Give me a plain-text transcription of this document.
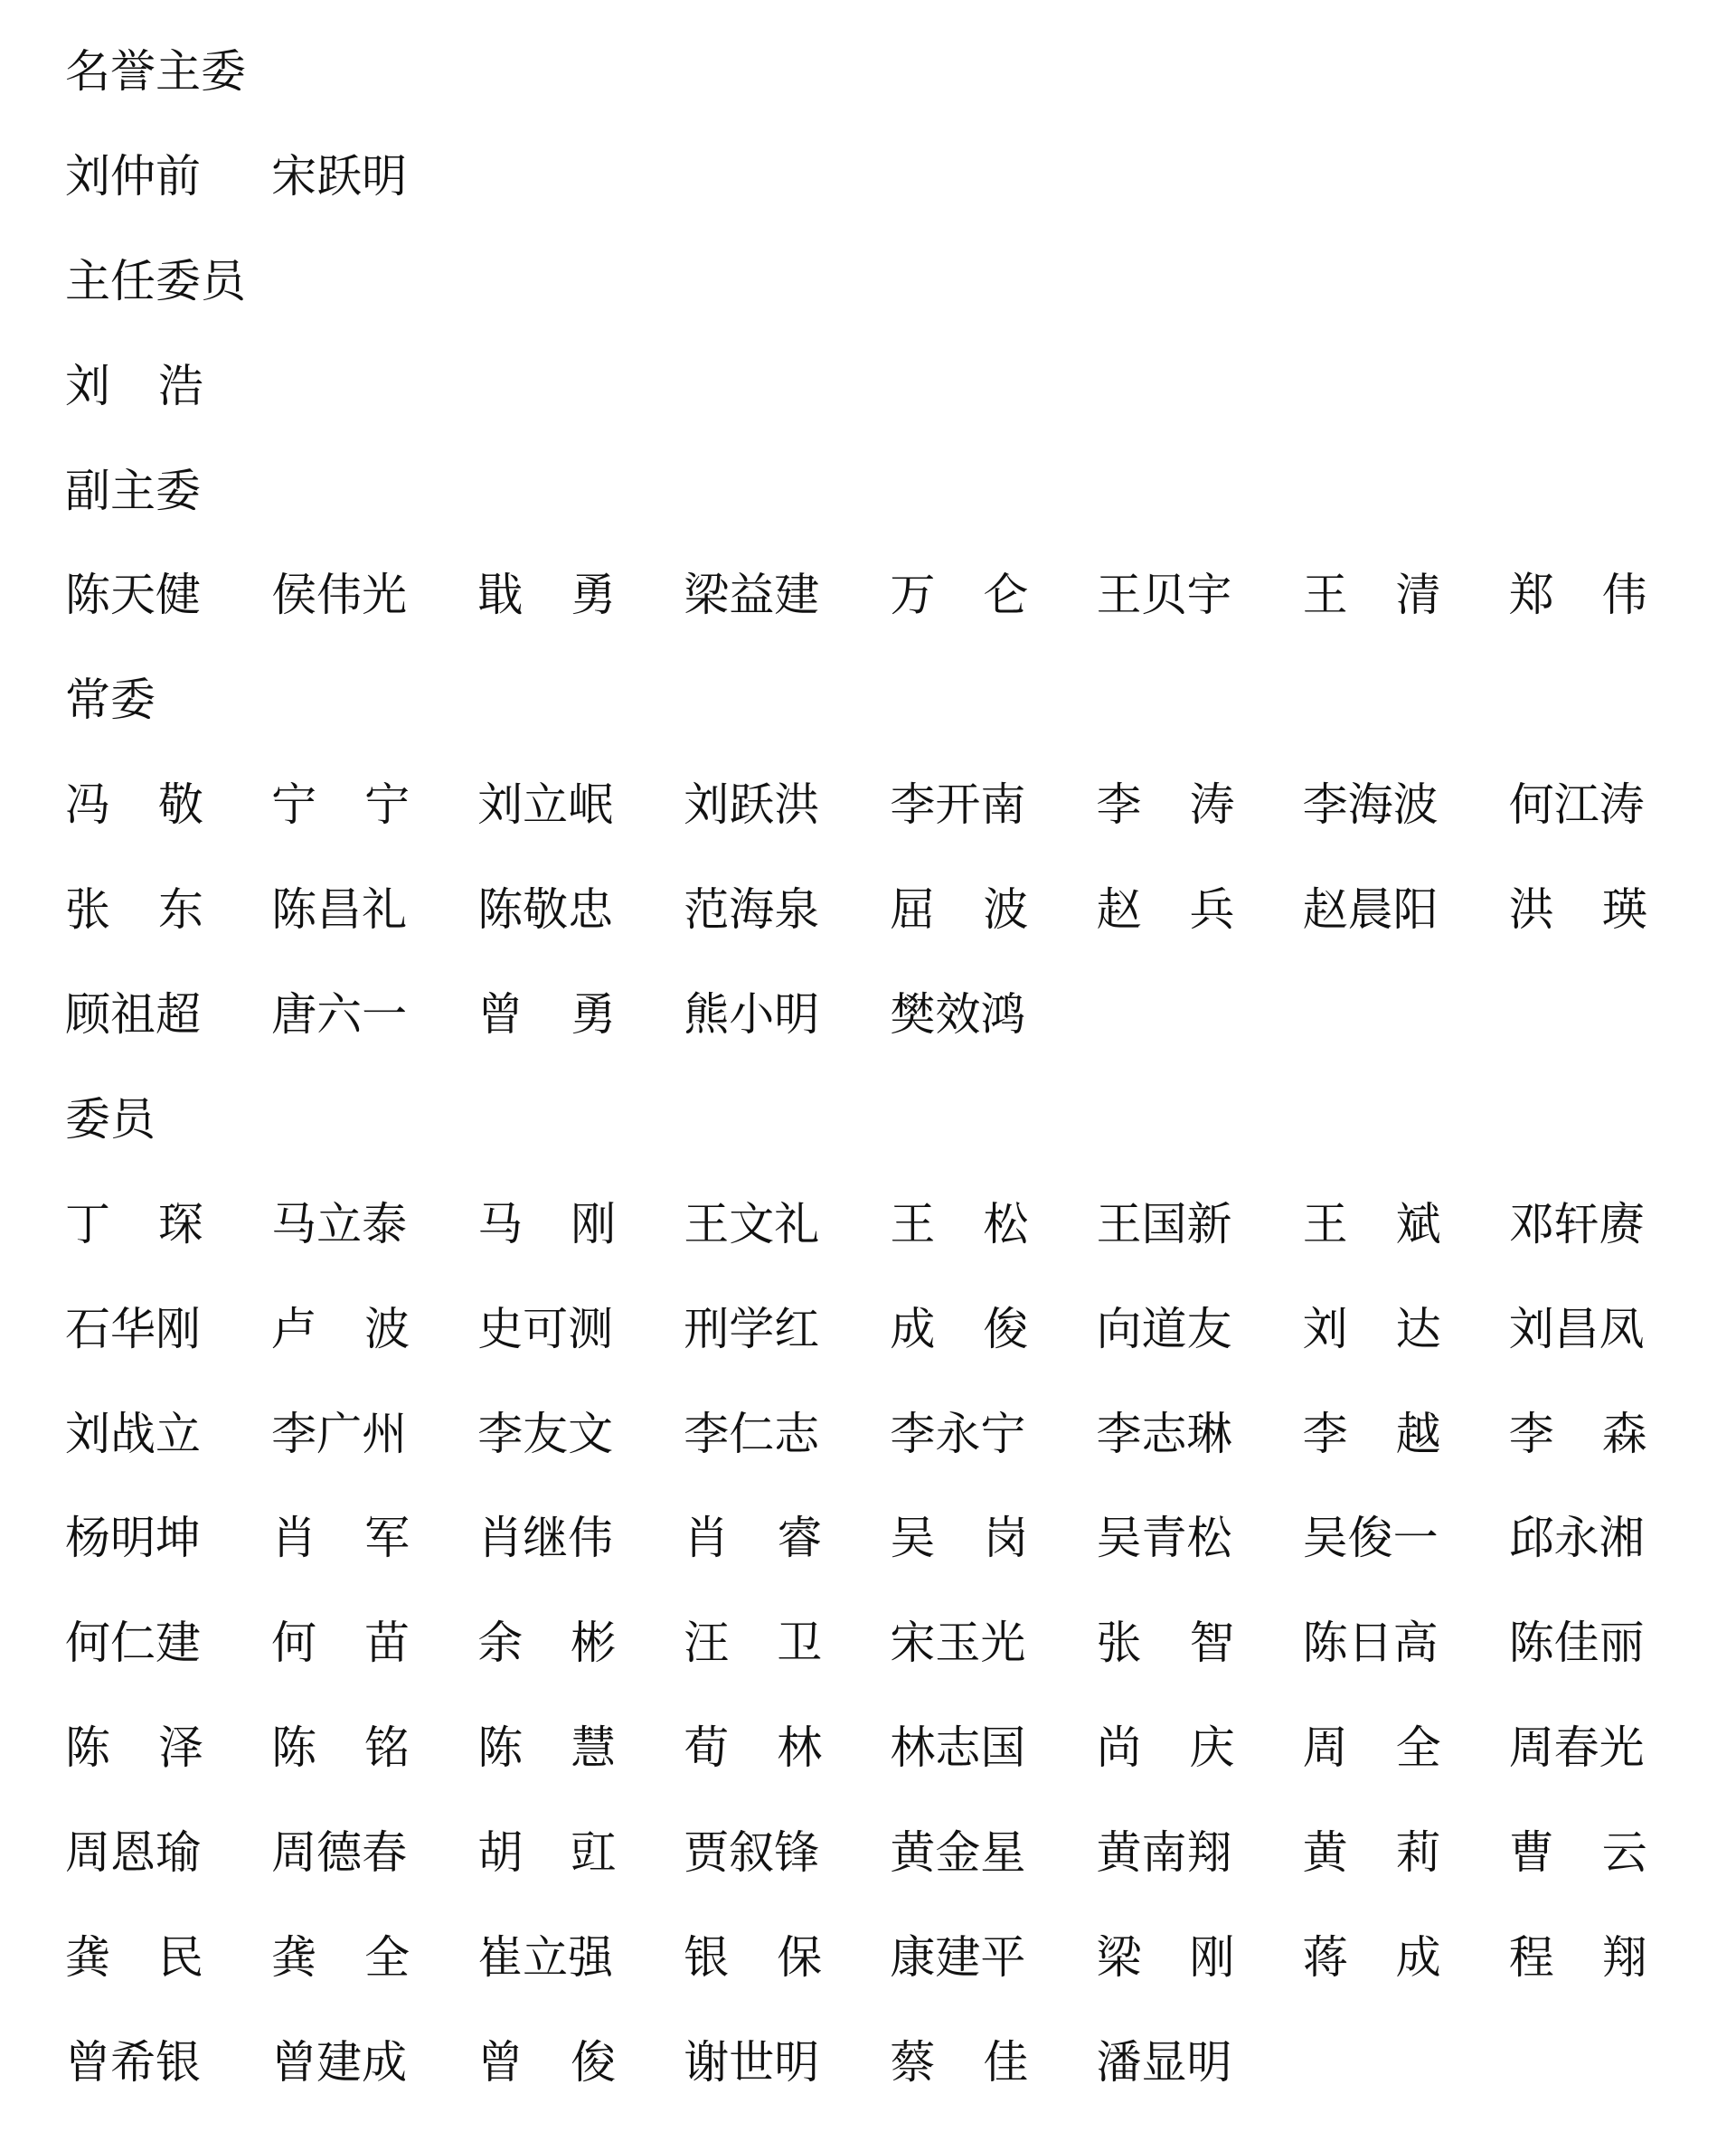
名誉主委
刘仲前 宋跃明
主任委员
刘 浩
副主委
陈天健 侯伟光 戢 勇 梁益建 万 仑 王贝宇 王 清 郑 伟
常委
冯 敬 宁 宁 刘立岷 刘跃洪 李开南 李 涛 李海波 何江涛
张 东 陈昌礼 陈敬忠 范海泉 屈 波 赵 兵 赵晨阳 洪 瑛
顾祖超 唐六一 曾 勇 熊小明 樊效鸿
委员
丁 琛 马立泰 马 刚 王文礼 王 松 王国新 王 斌 邓轩赓
石华刚 卢 波 史可测 刑学红 成 俊 向道友 刘 达 刘昌凤
刘战立 李广州 李友文 李仁志 李永宁 李志琳 李 越 李 森
杨明坤 肖 军 肖继伟 肖 睿 吴 岗 吴青松 吴俊一 邱永湘
何仁建 何 苗 余 彬 汪 卫 宋玉光 张 智 陈日高 陈佳丽
陈 泽 陈 铭 陈 慧 荀 林 林志国 尚 庆 周 全 周春光
周恩瑜 周德春 胡 豇 贾叙锋 黄金星 黄南翔 黄 莉 曹 云
龚 民 龚 全 崔立强 银 保 康建平 梁 刚 蒋 成 程 翔
曾希银 曾建成 曾 俊 谢世明 蔡 佳 潘显明
